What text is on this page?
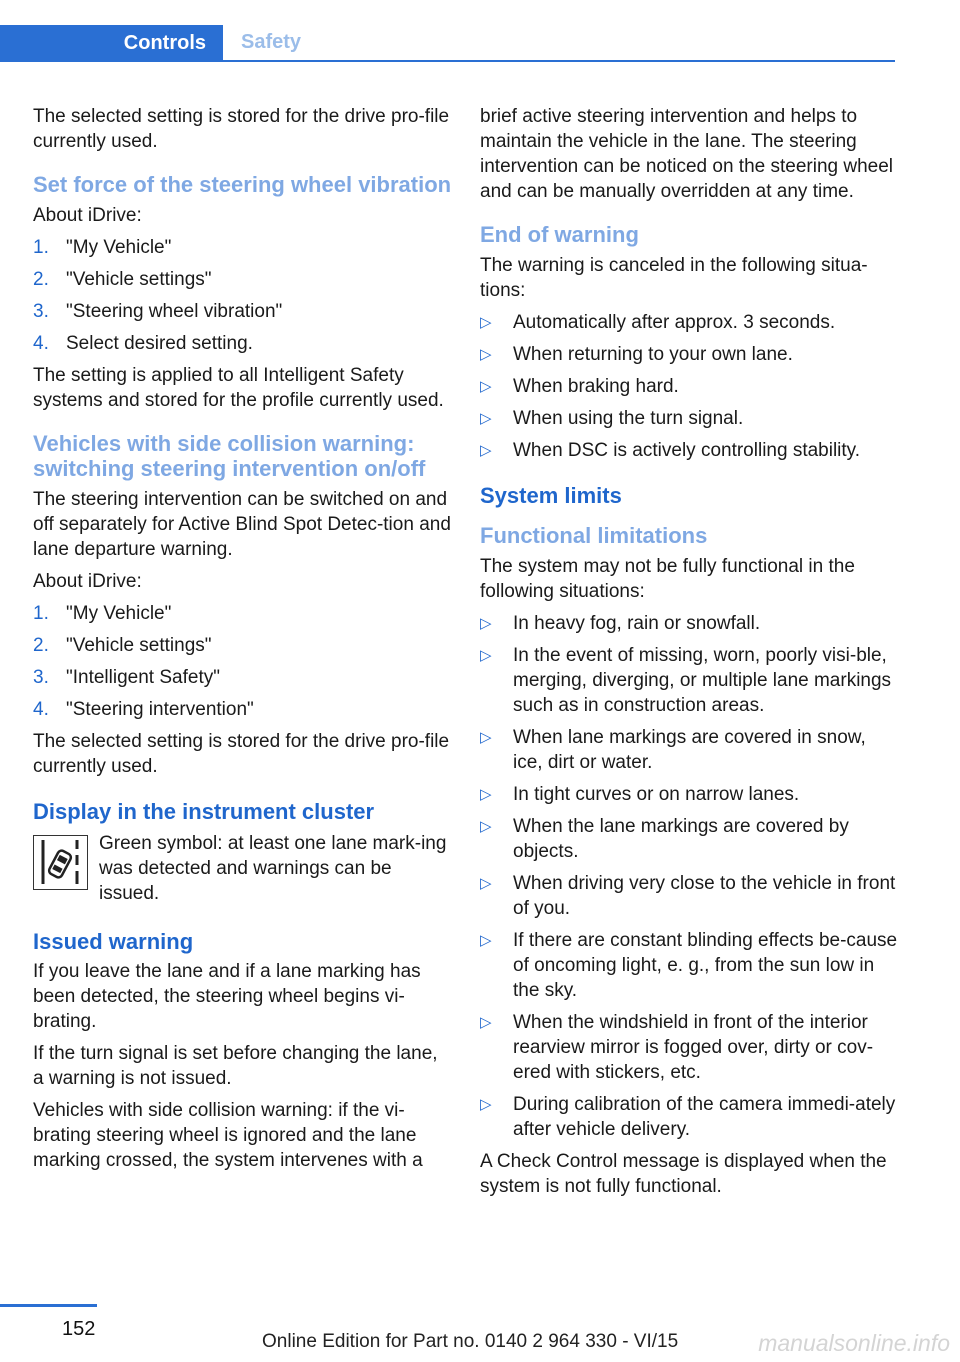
Controls	Safety

The selected setting is stored for the drive pro‐file currently used.

Set force of the steering wheel vibration

About iDrive:

1. "My Vehicle"
2. "Vehicle settings"
3. "Steering wheel vibration"
4. Select desired setting.

The setting is applied to all Intelligent Safety systems and stored for the profile currently used.

Vehicles with side collision warning: switching steering intervention on/off

The steering intervention can be switched on and off separately for Active Blind Spot Detec‐tion and lane departure warning.

About iDrive:

1. "My Vehicle"
2. "Vehicle settings"
3. "Intelligent Safety"
4. "Steering intervention"

The selected setting is stored for the drive pro‐file currently used.

Display in the instrument cluster
Green symbol: at least one lane mark‐ing was detected and warnings can be issued.
Issued warning

If you leave the lane and if a lane marking has been detected, the steering wheel begins vi‐brating.

If the turn signal is set before changing the lane, a warning is not issued.

Vehicles with side collision warning: if the vi‐brating steering wheel is ignored and the lane marking crossed, the system intervenes with a

brief active steering intervention and helps to maintain the vehicle in the lane. The steering intervention can be noticed on the steering wheel and can be manually overridden at any time.

End of warning

The warning is canceled in the following situa‐tions:

▷ Automatically after approx. 3 seconds.
▷ When returning to your own lane.
▷ When braking hard.
▷ When using the turn signal.
▷ When DSC is actively controlling stability.
System limits
Functional limitations

The system may not be fully functional in the following situations:

▷ In heavy fog, rain or snowfall.
▷ In the event of missing, worn, poorly visi‐ble, merging, diverging, or multiple lane markings such as in construction areas.
▷ When lane markings are covered in snow, ice, dirt or water.
▷ In tight curves or on narrow lanes.
▷ When the lane markings are covered by objects.
▷ When driving very close to the vehicle in front of you.
▷ If there are constant blinding effects be‐cause of oncoming light, e. g., from the sun low in the sky.
▷ When the windshield in front of the interior rearview mirror is fogged over, dirty or cov‐ered with stickers, etc.
▷ During calibration of the camera immedi‐ately after vehicle delivery.

A Check Control message is displayed when the system is not fully functional.

152
Online Edition for Part no. 0140 2 964 330 - VI/15	manualsonline.info
